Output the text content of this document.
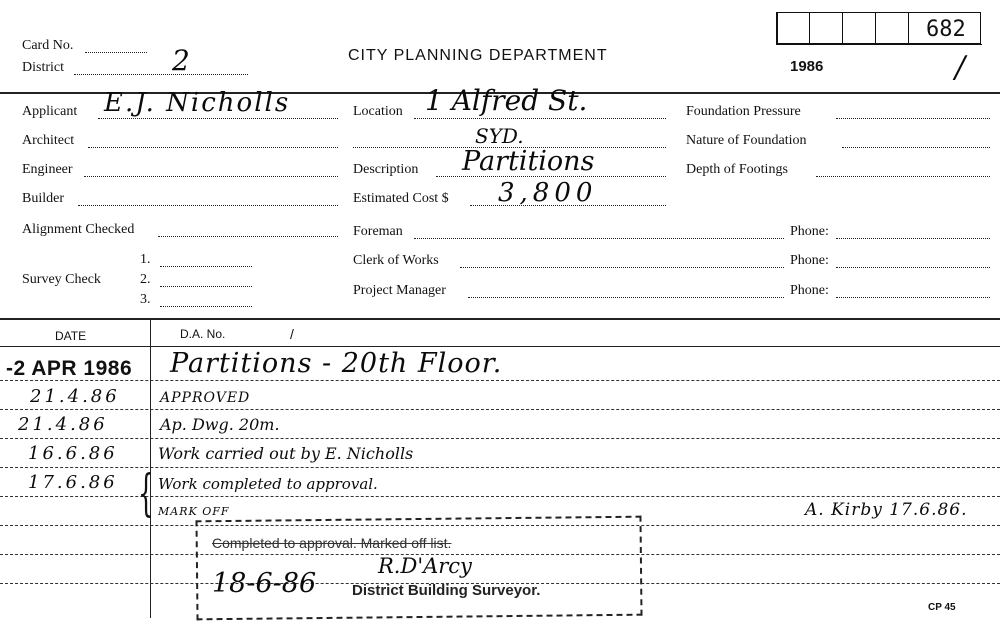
Card No.
District	2	CITY PLANNING DEPARTMENT
682
1986	/
Applicant E.J. Nicholls
Architect
Engineer
Builder
Alignment Checked
Survey Check
1.
2.
3.
Location 1 Alfred St.
SYD.
Description Partitions
Estimated Cost $ 3,800
Foreman
Clerk of Works
Project Manager
Phone:
Phone:
Phone:
Foundation Pressure
Nature of Foundation
Depth of Footings
DATE	D.A. No.	/
-2 APR 1986 Partitions - 20th Floor.
21.4.86	APPROVED
21.4.86	Ap. Dwg. 20m.
16.6.86	Work carried out by E. Nicholls
17.6.86 { Work completed to approval.
MARK OFF	A. Kirby 17.6.86.
Completed to approval. Marked off list.
18-6-86
R.D'Arcy
District Building Surveyor.
CP 45
